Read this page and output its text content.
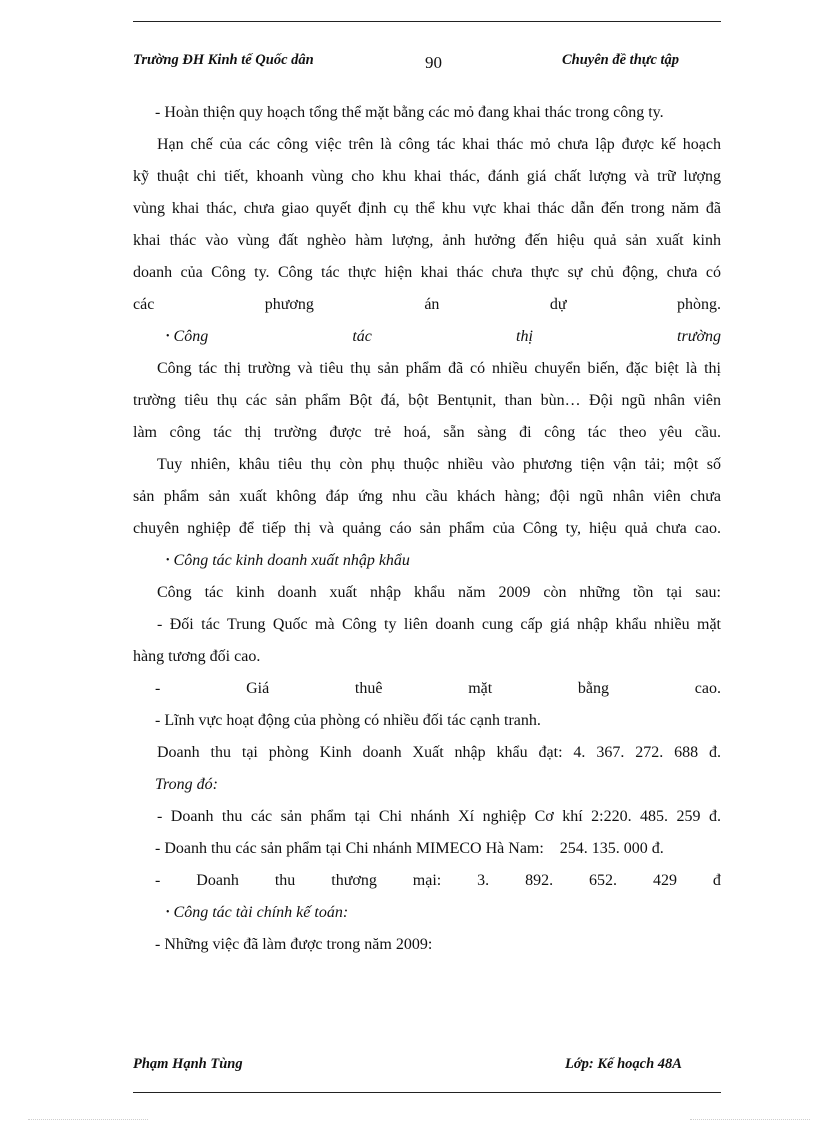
Trường ĐH Kinh tế Quốc dân	90	Chuyên đề thực tập
- Hoàn thiện quy hoạch tổng thể mặt bằng các mỏ đang khai thác trong công ty.
Hạn chế của các công việc trên là công tác khai thác mỏ chưa lập được kế hoạch
kỹ thuật chi tiết, khoanh vùng cho khu khai thác, đánh giá chất lượng và trữ lượng
vùng khai thác, chưa giao quyết định cụ thể khu vực khai thác dẫn đến trong năm đã
khai thác vào vùng đất nghèo hàm lượng, ảnh hưởng đến hiệu quả sản xuất kinh
doanh của Công ty. Công tác thực hiện khai thác chưa thực sự chủ động, chưa có
các	phương	án	dự	phòng.
• Công	tác	thị	trường
Công tác thị trường và tiêu thụ sản phẩm đã có nhiều chuyển biến, đặc biệt là thị
trường tiêu thụ các sản phẩm Bột đá, bột Bentụnit, than bùn… Đội ngũ nhân viên
làm công tác thị trường được trẻ hoá, sẵn sàng đi công tác theo yêu cầu.
Tuy nhiên, khâu tiêu thụ còn phụ thuộc nhiều vào phương tiện vận tải; một số
sản phẩm sản xuất không đáp ứng nhu cầu khách hàng; đội ngũ nhân viên chưa
chuyên nghiệp để tiếp thị và quảng cáo sản phẩm của Công ty, hiệu quả chưa cao.
• Công tác kinh doanh xuất nhập khẩu
Công tác kinh doanh xuất nhập khẩu năm 2009 còn những tồn tại sau:
- Đối tác Trung Quốc mà Công ty liên doanh cung cấp giá nhập khẩu nhiều mặt
hàng tương đối cao.
-	Giá	thuê	mặt	bằng	cao.
- Lĩnh vực hoạt động của phòng có nhiều đối tác cạnh tranh.
Doanh thu tại phòng Kinh doanh Xuất nhập khẩu đạt: 4. 367. 272. 688 đ.
Trong đó:
- Doanh thu các sản phẩm tại Chi nhánh Xí nghiệp Cơ khí 2:220. 485. 259 đ.
- Doanh thu các sản phẩm tại Chi nhánh MIMECO Hà Nam:    254. 135. 000 đ.
- Doanh thu thương mại: 3. 892. 652. 429 đ
• Công tác tài chính kế toán:
- Những việc đã làm được trong năm 2009:
Phạm Hạnh Tùng	Lớp: Kế hoạch 48A
